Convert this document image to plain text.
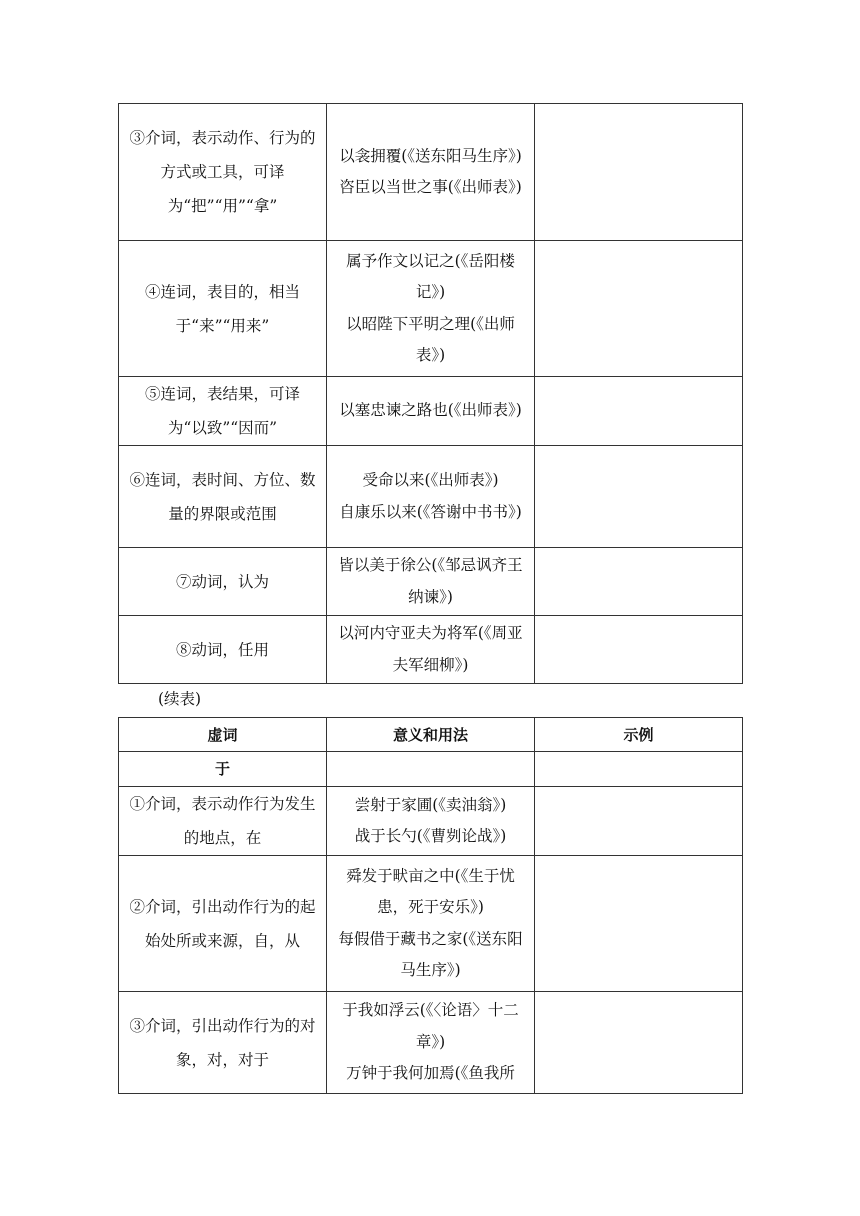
③介词，表示动作、行为的方式或工具，可译为“把”“用”“拿”	以衾拥覆(《送东阳马生序》)
咨臣以当世之事(《出师表》)	

④连词，表目的，相当于“来”“用来”	属予作文以记之(《岳阳楼记》)
以昭陛下平明之理(《出师表》)	

⑤连词，表结果，可译为“以致”“因而”	以塞忠谏之路也(《出师表》)	

⑥连词，表时间、方位、数量的界限或范围	受命以来(《出师表》)
自康乐以来(《答谢中书书》)	

⑦动词，认为	皆以美于徐公(《邹忌讽齐王纳谏》)	

⑧动词，任用	以河内守亚夫为将军(《周亚夫军细柳》)	

(续表)
虚词	意义和用法	示例
于		
①介词，表示动作行为发生的地点，在	尝射于家圃(《卖油翁》)
战于长勺(《曹刿论战》)	

②介词，引出动作行为的起始处所或来源，自，从	舜发于畎亩之中(《生于忧患，死于安乐》)
每假借于藏书之家(《送东阳马生序》)	

③介词，引出动作行为的对象，对，对于	于我如浮云(《〈论语〉十二章》)
万钟于我何加焉(《鱼我所	
